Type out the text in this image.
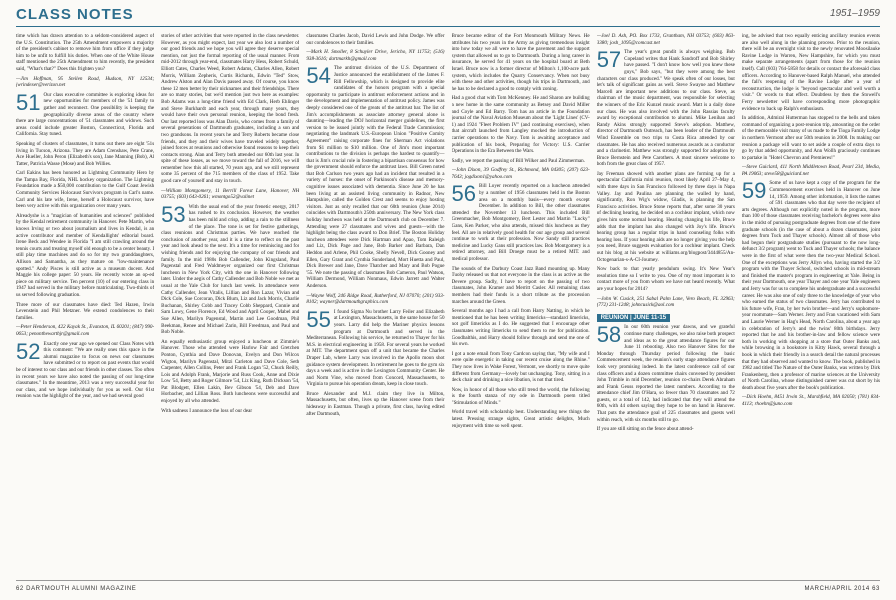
CLASS NOTES	1951–1959

time which has drawn attention to a seldom-considered aspect of the U.S. Constitution. The 25th Amendment empowers a majority of the president's cabinet to remove him from office if they judge him to be unfit to fulfill his duties. When one of the White House staff mentioned the 25th Amendment to him recently, the president said, "What's that?" Does this frighten you?

—Jim Hoffman, 95 Steilen Road, Hudson, NY 12534; jwrindexer@verizon.net

51 Our class executive committee is exploring ideas for new opportunities for members of the '51 family to gather and reconnect. One possibility is keeping the geographically diverse areas of the country where there are large concentrations of '51 classmates and widows. Such areas could include greater Boston, Connecticut, Florida and California. Stay tuned.

Speaking of clusters of classmates, it turns out there are eight '51s living in Tucson, Arizona. They are Adam Crenshaw, Pete Crane, Ace Hueller, John Peron (Elizabeth's son), Jane Manning (Bob), Al Tatter, Patricia Wasse (Mose) and Bob Willies.

Carl Eakins has been honored as Lightning Community Hero by the Tampa Bay, Florida, NHL hockey organization. The Lightning Foundation made a $50,000 contribution to the Gulf Coast Jewish Community Services Holocaust Survivors program in Carl's name. Carl and his late wife, Irene, herself a Holocaust survivor, have been very active with this organization over many years.

Alreadyshe is a "magician of humanities and sciences" published by the Kendal retirement community in Hanover. Pete Martin, who knows Irving or two about journalism and lives in Kendal, is an active contributor and member of Kendallights' editorial board. Irene Beck and Wendee in Florida "I am still crawling around the tennis courts and treating myself old enough to be a center beauty. I still play time machines and do so for my two granddaughters, Allison and Samantha, as they mature on "low-maintenance spotted." Andy Pisces is still active as a museum docent. And Maggie his college paper: 50 years. He recently wrote an op-ed piece on military service. Ten percent (10) of our entering class in 1947 had served in the military before matriculating. Two-thirds of us served following graduation.

Three more of our classmates have died: Ted Hazen, Irwin Levenstein and Phil Metzner. We extend condolences to their families.

—Peter Henderson, 422 Kayak St., Evanston, IL 60201; (847) 990-0653; penonthewarthjr@gmail.com

52 Exactly one year ago we opened our Class Notes with this comment: "We are really ones this space in the alumni magazine to focus on news our classmates have submitted or to report on past events that would be of interest to our class and our friends in other classes. Too often in recent years we have also noted the passing of our long-time classmates." In the meantime, 2013 was a very successful year for our class, and we hope individually for you as well. Our 61st reunion was the highlight of the year, and we had several good

stories of other activities that were reported in the class newsletter. However, as you might expect, last year we also lost a number of our good friends and we hope you will agree they deserve special mention, not just the formal reporting of the usual manner. From mid-2012 through year-end, classmates Harry Hess, Robert Schuld, Elliott Cates, Charles Weed, Robert Adams, Charles Allen, Robert Morris, William Zepheris, Curtis Richards, Edwin "Ted" Stow, Andrew Alston and Alan Davis passed away. Of course, you know these 12 men better by their nicknames and their friendships. There are so many stories, but we'd mention just two here as examples: Bob Adams was a long-time friend with Ed Clark, Herb Ehlinger and Steve Burkhardt and each year, through many years, they would have their own personal reunion, keeping the bond fresh. Our last reported loss was Alan Davis, who comes from a family of several generations of Dartmouth graduates, including a son and two grandsons. In recent years he and Terry Roberts became close friends, and they and their wives have traveled widely together, joined forces at reunions and otherwise found reasons to keep their contacts strong. Alan and Terry both attended our 60th last year. In spite of these losses, as we move toward the fall of 2016, we will remember how this all started, 70 years ago, and we still represent some 35 percent of the 715 members of the class of 1952. Take good care of yourself and stay in touch.

—William Montgomery, 11 Berrill Forest Lane, Hanover, NH 03755; (603) 643-0261; wmontgo52@valinet

53 With the usual end of the year frenetic energy, 2017 has rushed to its conclusion. However, the weather has been mild and crisp, adding a rain to the stillness of the place. The tone is set for festive gatherings, class reunions and Christmas parties. We have reached the conclusion of another year, and it is a time to reflect on the past year and look ahead to the next. It's a time for reminiscing and for wishing friends and for enjoying the company of our friends and family. In the mid 1980s Bob Callender, John Kingsland, Paul Pagenstal and Fred Waldmeyer organized our first Christmas luncheon in New York City, with the one in Hanover following later. Under the aegis of Cathy Callender and Bob Noble we met as usual at the Yale Club for lunch last week. In attendance were Cathy Callender, Jean Vitalis, Lillian and Ron Lazar, Vivian and Dick Cole, Sue Corcoran, Dick Blum, Liz and Jack Morris, Charlie Buchanan, Shirley Cobb and Tracey Cobb Sheppard, Connie and Sam Lowy, Gene Florence, Ed Wood and April Cooper, Mabel and Sue Allen, Marilyn Pagenstal, Martin and Lee Goodman, Phil Beekman, Renee and Michael Zarin, Bill Freedman, and Paul and Bob Noble.

An equally enthusiastic group enjoyed a luncheon at Zimmie's Hanover. Those who attended were Harlow Fair and Gretchen Ponton, Cynthia and Dave Donovan, Evelyn and Don Wilcox Wigton, Marilyn Pagenstal, Mitzi Carleton and Dave Cole, Seth Carpenter, Allen Collins, Peter and Frank Logan '52, Chuck Reilly, Lois and Adolph Frank, Marjorie and Russ Cook, Anne and Dixie Low '54, Betty and Roger Gilmore '54, Liz King, Ruth Dickson '54, Pat Blodgett, Ellen Lakin, Bev Gibson '54, Deb and Dave Horbacher, and Lillian Ross. Both luncheons were successful and enjoyed by all who attended.

With sadness I announce the loss of our dear

classmates Charles Jacob, David Lewis and John Dodge. We offer our condolences to their families.

—Mark H. Smoller, 8 Schuyler Drive, Jericho, NY 11753; (516) 938-3616; dartmarkh@gmail.com

54 The antitrust division of the U.S. Department of Justice announced the establishment of the James F. Rill Fellowship, which is designed to provide elite candidates of the honors program with a special opportunity to participate in antitrust enforcement actions and in the development and implementation of antitrust policy. James was deeply considered one of the greats of the antitrust bar. The list of Jim's accomplishments as associate attorney general alone is daunting—leading the DOJ horizontal merger guidelines, the first version to be issued jointly with the Federal Trade Commission; negotiating the landmark U.S.-European Union "Positive Comity Agreement" raising corporate fines for Sherman Act violations from $1 million to $10 million. One of Jim's most important contributions to the division is perhaps the hardest to quantify—that is Jim's crucial role in fostering a bipartisan consensus for how the government should enforce the antitrust laws. Bill Green noted that Bob Carlson two years ago had an incident that resulted in a variety of horses: the onset of Parkinson's disease and memory-cognitive issues associated with dementia. Since June 20 he has been living at an assisted living community in Radnor, New Hampshire, called the Golden Crest and seems to enjoy hosting visitors. Just as only recalled that our 60th reunion (June 2014) coincides with Dartmouth's 250th anniversary. The New York class holiday luncheon was held at the Dartmouth club on December 7. Attending were 27 classmates and wives and guests—with the highlight being the class award to Don Brief. The Boston Holiday luncheon attendees were Dick Hartman and Apao, Tom Raleigh and Liz, Dick Page and Jane, Bob Barker and Barbara, Dan Heddon and Arlene, Phil Cooke, Shelly Nevell, Dick Gooney and Ellen, Gary Grant and Cynthia Sunderland, Mort Huetta and Paul, Dick Brewer and Jane, Dave Thatcher and Mary and Bob Pogue '55. We note the passing of classmates Bob Cameron, Paul Watson, William Dermond, William Nonmaus, Edwin Jarrett and Walter Anderson.

—Wayne Wolf, 246 Ridge Road, Rutherford, NJ 07070; (201) 933-8102; wayner@dartmouthgraphics.com

55 I found Sigma Nu brother Larry Feiler and Elizabeth at Lexington, Massachusetts, in the same house for 50 years. Larry did help the Mariner physics lessons program at Dartmouth and served in the Mediterranean. Following his service, he returned to Thayer for his M.S. in electrical engineering in 1958. For several years he worked at MIT. The department spun off a unit that became the Charles Draper Lab, where Larry was involved in the Apollo moon shot guidance system development. In retirement he goes to the gym six days a week and is active in the Lexington Community Center. He and Norm Vine, who moved from Concord, Massachusetts, to Virginia to pursue his operation dream, keep in close touch.

Bruce Alexander and M.J. claim they live in Milton, Massachusetts, but often, lives up the Hanover scene from their hideaway in Eastman. Though a private, first class, having edited after Dartmouth,

Bruce became editor of the Fort Monmouth Military News. He attributes his two years in the Army as giving tremendous insight into how today we all were to have the pavement and the support system that allowed us to go to Dartmouth. During a long career in insurance, he served for 41 years on the hospital board at Beth Israel. Bruce now is a former director of Milton's 1,100-acre park system, which includes the Quarry Conservancy. When not busy with these and other activities, though his trips in Dartmouth, and he has to be declared a good to comply with zoning.

Had a good chat with Tom McKenney. He and Sharon are building a new home in the same community as Betsey and David Miller and Coyle and Ed Barry. Tom has an article in the Foundation journal of the Naval Aviation Museum about the 'Light Lines' (CV-1) and 1924 "Fleet Problem IV" (and continuing exercises), when that aircraft launched from Langley mocked the introduction of carrier operations to the Navy. Tom is awaiting acceptance and publication of his book, Preparing for Victory: U.S. Carrier Operations in the Era Between the Wars.

Sadly, we report the passing of Bill Wilker and Paul Zimmerman.

—John Dixon, 39 Godfrey St., Richmond, MA 04305; (207) 623-7643; jogdixon1@yahoo.com

56 Bill Loyer recently reported on a luncheon attended by a number of 1956 classmates held in the Boston area on a monthly basis—every month except December. In addition to Bill, the other classmates attended the November 13 luncheon. This included Bill Greenmacher, Bob Montgomery, Bert Lester and Martin "Lucky" Gans, Ken Parker, who also attends, missed this luncheon as they feel. All are in relatively good health for our age group and several continue to work at their profession. Now Sandy still practices medicine and Lucky Gans still practices law. Bob Montgomery is a retired attorney, and Bill Droege must be a retired MIT. and medical professor.

The sounds of the Darbury Coast Jazz Band mounting up. Many Tuohy released us that not everyone in the class is as active as the Devere group. Sadly, I have to report on the passing of two classmates, John Kramer and Merritt Casler. All remaining class members had their funds is a short tribute as the procession marches around the Green.

Several months ago I had a call from Harry Natting, in which he mentioned that he has been writing limericks—standard limericks, not golf limericks as I do. He suggested that I encourage other classmates writing limericks to send them to me for publication. Goodbalthis, and Harry should follow through and send me one of his own.

I got a note email from Tony Cardcon saying that, "My wife and I were quite energetic in taking our recent cruise along the Rhine." They now lives in Wake Forest, Vermont, we shortly to move quite different from Germany—lovely but unchanging. Tony, sitting in a deck chair and drinking a nice libation, is not that tired.

Now, in honor of all those who still trend the world, the following is the fourth stanza of my ode in Dartmouth poem titled "Stimulation of Minds."

World travel with scholarship best. Understanding new things the latest. Pressing strange sights, Great artistic delights, Much enjoyment with time so well spent.

—Joel D. Ash, PO. Box 1733, Grantham, NH 03753; (603) 863-3380; josh_1095@comcast.net

57 The year's great pundit is always weighing. Bob Copeland writes that Hank Sandroff and Bob Shirley have passed. "I don't know how well you knew these guys," Bob says, "but they were among the best characters our class produced." We speak often of our losses, but let's talk of significant gains as well. Steve Swayne and Matthew Marcell are important new additions to our class. Steve, as chairman of the music department, was responsible for selecting the winners of the Eric Kunzel music award. Matt is a daily done our class. He was also involved with the John Rassias faculty award by exceptional contribution to alumni. Mike Lenihan and Randy Akins strongly supported Steve's adoption. Matthew, director of Dartmouth Outreach, has been leader of the Dartmouth Wind Ensemble on two trips to Costa Rica attended by our classmates. He has also received numerous awards as a conductor and a clarinetist. Matthew was strongly supported for adoption by Bruce Bernstein and Pete Carothers. A most sincere welcome to both from the great class of 1957.

Jay Freeman showed with another plans are forming up for a spectacular California mini reunion, most likely April 27–May 4, with three days in San Francisco followed by three days in Napa Valley. Jay and Paulina are planning the walled by hand, significantly, Ron Wig's widow, Gladis, is planning the San Francisco activities. Bruce Stone reports that, after some 30 years of declining hearing, he decided on a cochlear implant, which now gives him some normal hearing. Hearing changing his life, Bruce adds that the implant has also changed with Joy's life. Bruce's hearing group has a regular trips in hand counseling folks with hearing loss. If your hearing aids are no longer giving you the help you need, Bruce suggests evaluation for a cochlear implant. Check out his blog at his website at williams.org/blogpost/3444855/An-Octogenarian-s-A-CI-Journey.

Now back to that yearly pendulum swing. It's New Year's resolution time so I write to you. One of my most important is to contact more of you from whom we have not heard recently. What are your hopes for 2014?

—John W. Cusick, 251 Sabal Palm Lane, Vero Beach, FL 32963; (772) 231-1248; johncusick@aol.com

REUNION | JUNE 11-15

58 In our 60th reunion year dawns, and we grateful continue many challenges, we also raise both prospect and ideas as to the great attendance figures for our June 11 rebooting. Also two Hanover Sites for the Monday through Thursday period following the basic Commencement week, the reunion's early stage attendance figures look very promising indeed. In the latest conference call of our class officers and a dozen committee chairs convened by president John Trimble in mid December, reunion co-chairs Derek Abraham and Frank Geuss reported the latest numbers. According to the attendance chief Jim O'Hara, so fewer than 70 classmates and 72 guests, or a total of 142, had indicated that they will attend the 60th, with 44 others saying they hope to be on hand in Hanover. That puts the attendance goal of 225 classmates and guests well within reach, with six months still to go.

If you are still sitting on the fence about attend-

ing, be advised that two equally enticing ancillary reunion events are also well along in the planning process. Prior to the reunion, there will be an overnight visit to the newly renovated Moosilauke Ravine Lodge in Warren, New Hampshire, for which you must make separate arrangements (apart from those for the reunion itself). Call (603) 764-5858 for details or contact the aforesaid class officers. According to Hanover-based Ralph Manuel, who attended the fall's reopening of the Ravine Lodge after a year of reconstruction, the lodge is "beyond spectacular and well worth a visit." Or words to that effect. Doubtless by then the Stowell's Ferry newsletter will have corresponding more photographic evidence to back up Ralph's enthusiasm.

In addition, Admiral Hutterman has stopped to the bells and taken command of organizing a post-reunion trip, amounting on the order of the memorable visit many of us made to the Tioga Family Lodge in northern Vermont after our 50th reunion in 2008. Its making our reunion a package will want to set aside a couple of extra days to go by that added opportunity, and Ann Wollh graciously continues to partake in "Hotel Chevron and Premieres!"

—Steve Guiclard, 411 North Middletown Road, Pearl 234, Media, PA 19063; steve58@guiclard.net

59 Some of us have kept a copy of the program for the Commencement exercises held in Hanover on June 14, 1959. Among other information, it lists the names of 591 classmates who that day were the recipient of arts degrees. Although not explicitly noted in the program, more than 100 of those classmates receiving bachelor's degrees were also in the midst of pursuing postgraduate degrees from one of the three graduate schools (in the case of about a dozen classmates, joint degrees from Tuck and Thayer schools). Almost all of those who had begun their postgraduate studies (pursuant to the now long-defunct 3/2 program) went to Tuck and Thayer schools; the balance were in the first of what were then the two-year Medical School. One of the exceptions was Jerry Allyn who, having started the 3/2 program with the Thayer School, switched schools in mid-stream and finished the master's program in engineering at Yale. Being in their year Dartmouth, one year Thayer and one year Yale engineers and Jerry was for us to complete his undergraduate and a successful career. He was also one of only three to the knowledge of year who who earned the status of two classmates. Jerry has contributed to his future wife, Fran, by her twin brother—and Jerry's sophomore-year roommate—Sam Werner. Jerry and Fran vacationed with Sam and Laurie Werner in Hag's Head, North Carolina, about a year ago in celebration of Jerry's and the twins' 80th birthdays. Jerry reported that he and his brother-in-law and fellow science were both in working with shopping at a store that Outer Banks and, while browsing in a bookstore in Kitty Hawk, several through a book in which their friendly in a search detail the natural processes that they had observed and wanted to know. The book, published in 1982 and titled The Nature of the Outer Banks, was written by Dirk Frankenberg, then a professor of marine sciences at the University of North Carolina, whose distinguished career was cut short by his death about five years after the book's publication.

—Dick Hoehn, 8451 Irwin St., Marshfield, MA 02050; (781) 834-4113; rhoehn@juno.com

62 DARTMOUTH ALUMNI MAGAZINE	MARCH/APRIL 2014 63
